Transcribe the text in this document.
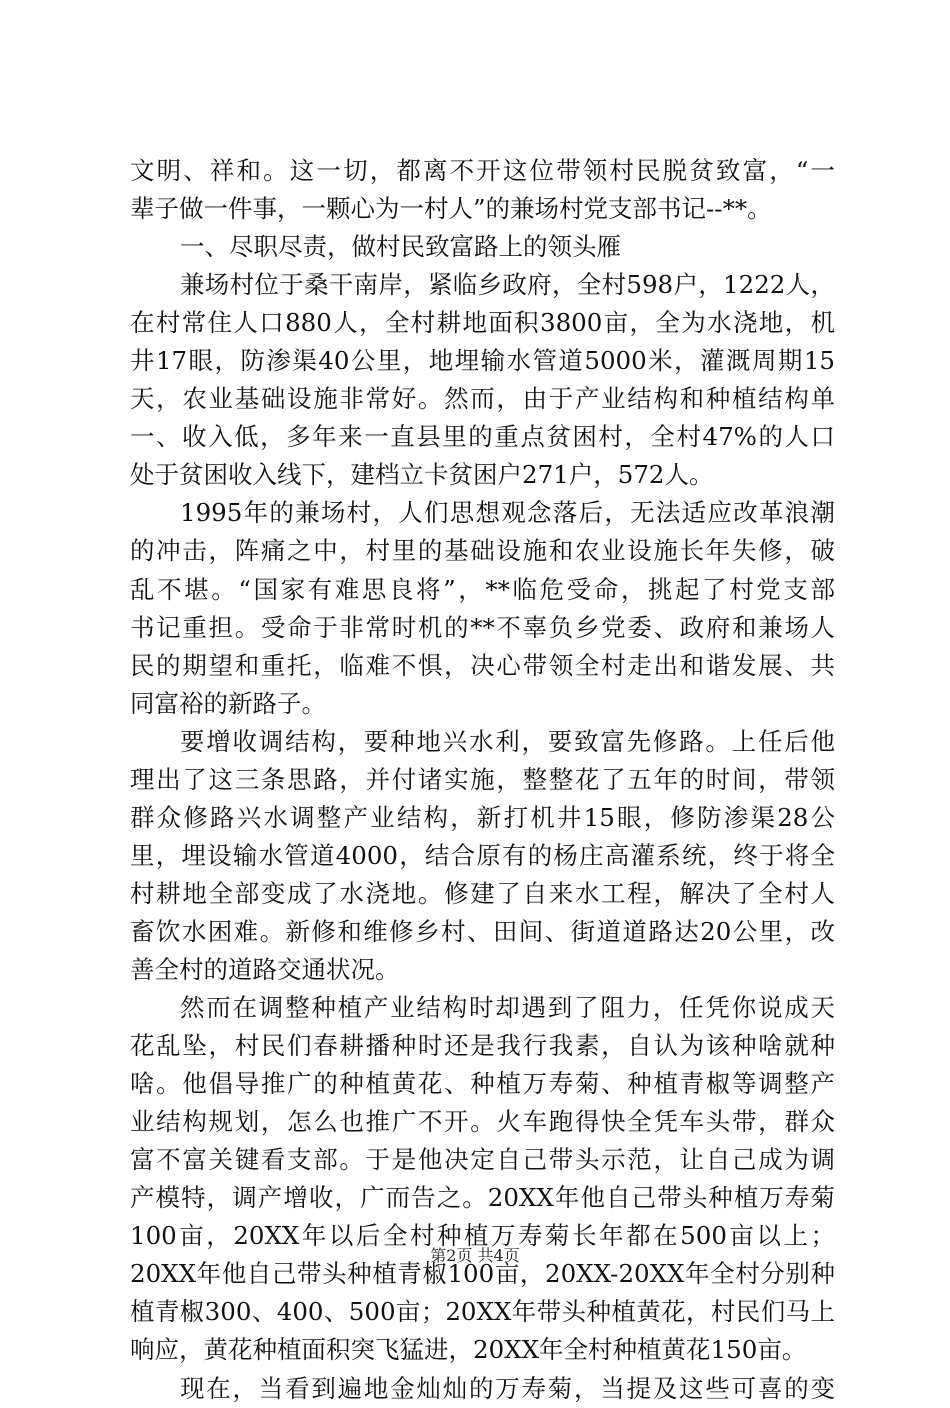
文明、祥和。这一切，都离不开这位带领村民脱贫致富，“一
辈子做一件事，一颗心为一村人”的兼场村党支部书记--**。
一、尽职尽责，做村民致富路上的领头雁
兼场村位于桑干南岸，紧临乡政府，全村598户，1222人，
在村常住人口880人，全村耕地面积3800亩，全为水浇地，机
井17眼，防渗渠40公里，地埋输水管道5000米，灌溉周期15
天，农业基础设施非常好。然而，由于产业结构和种植结构单
一、收入低，多年来一直县里的重点贫困村，全村47%的人口
处于贫困收入线下，建档立卡贫困户271户，572人。
1995年的兼场村，人们思想观念落后，无法适应改革浪潮
的冲击，阵痛之中，村里的基础设施和农业设施长年失修，破
乱不堪。“国家有难思良将”，**临危受命，挑起了村党支部
书记重担。受命于非常时机的**不辜负乡党委、政府和兼场人
民的期望和重托，临难不惧，决心带领全村走出和谐发展、共
同富裕的新路子。
要增收调结构，要种地兴水利，要致富先修路。上任后他
理出了这三条思路，并付诸实施，整整花了五年的时间，带领
群众修路兴水调整产业结构，新打机井15眼，修防渗渠28公
里，埋设输水管道4000，结合原有的杨庄高灌系统，终于将全
村耕地全部变成了水浇地。修建了自来水工程，解决了全村人
畜饮水困难。新修和维修乡村、田间、街道道路达20公里，改
善全村的道路交通状况。
然而在调整种植产业结构时却遇到了阻力，任凭你说成天
花乱坠，村民们春耕播种时还是我行我素，自认为该种啥就种
啥。他倡导推广的种植黄花、种植万寿菊、种植青椒等调整产
业结构规划，怎么也推广不开。火车跑得快全凭车头带，群众
富不富关键看支部。于是他决定自己带头示范，让自己成为调
产模特，调产增收，广而告之。20XX年他自己带头种植万寿菊
100亩，20XX年以后全村种植万寿菊长年都在500亩以上；
20XX年他自己带头种植青椒100亩，20XX-20XX年全村分别种
植青椒300、400、500亩；20XX年带头种植黄花，村民们马上
响应，黄花种植面积突飞猛进，20XX年全村种植黄花150亩。
现在，当看到遍地金灿灿的万寿菊，当提及这些可喜的变
第2页 共4页
